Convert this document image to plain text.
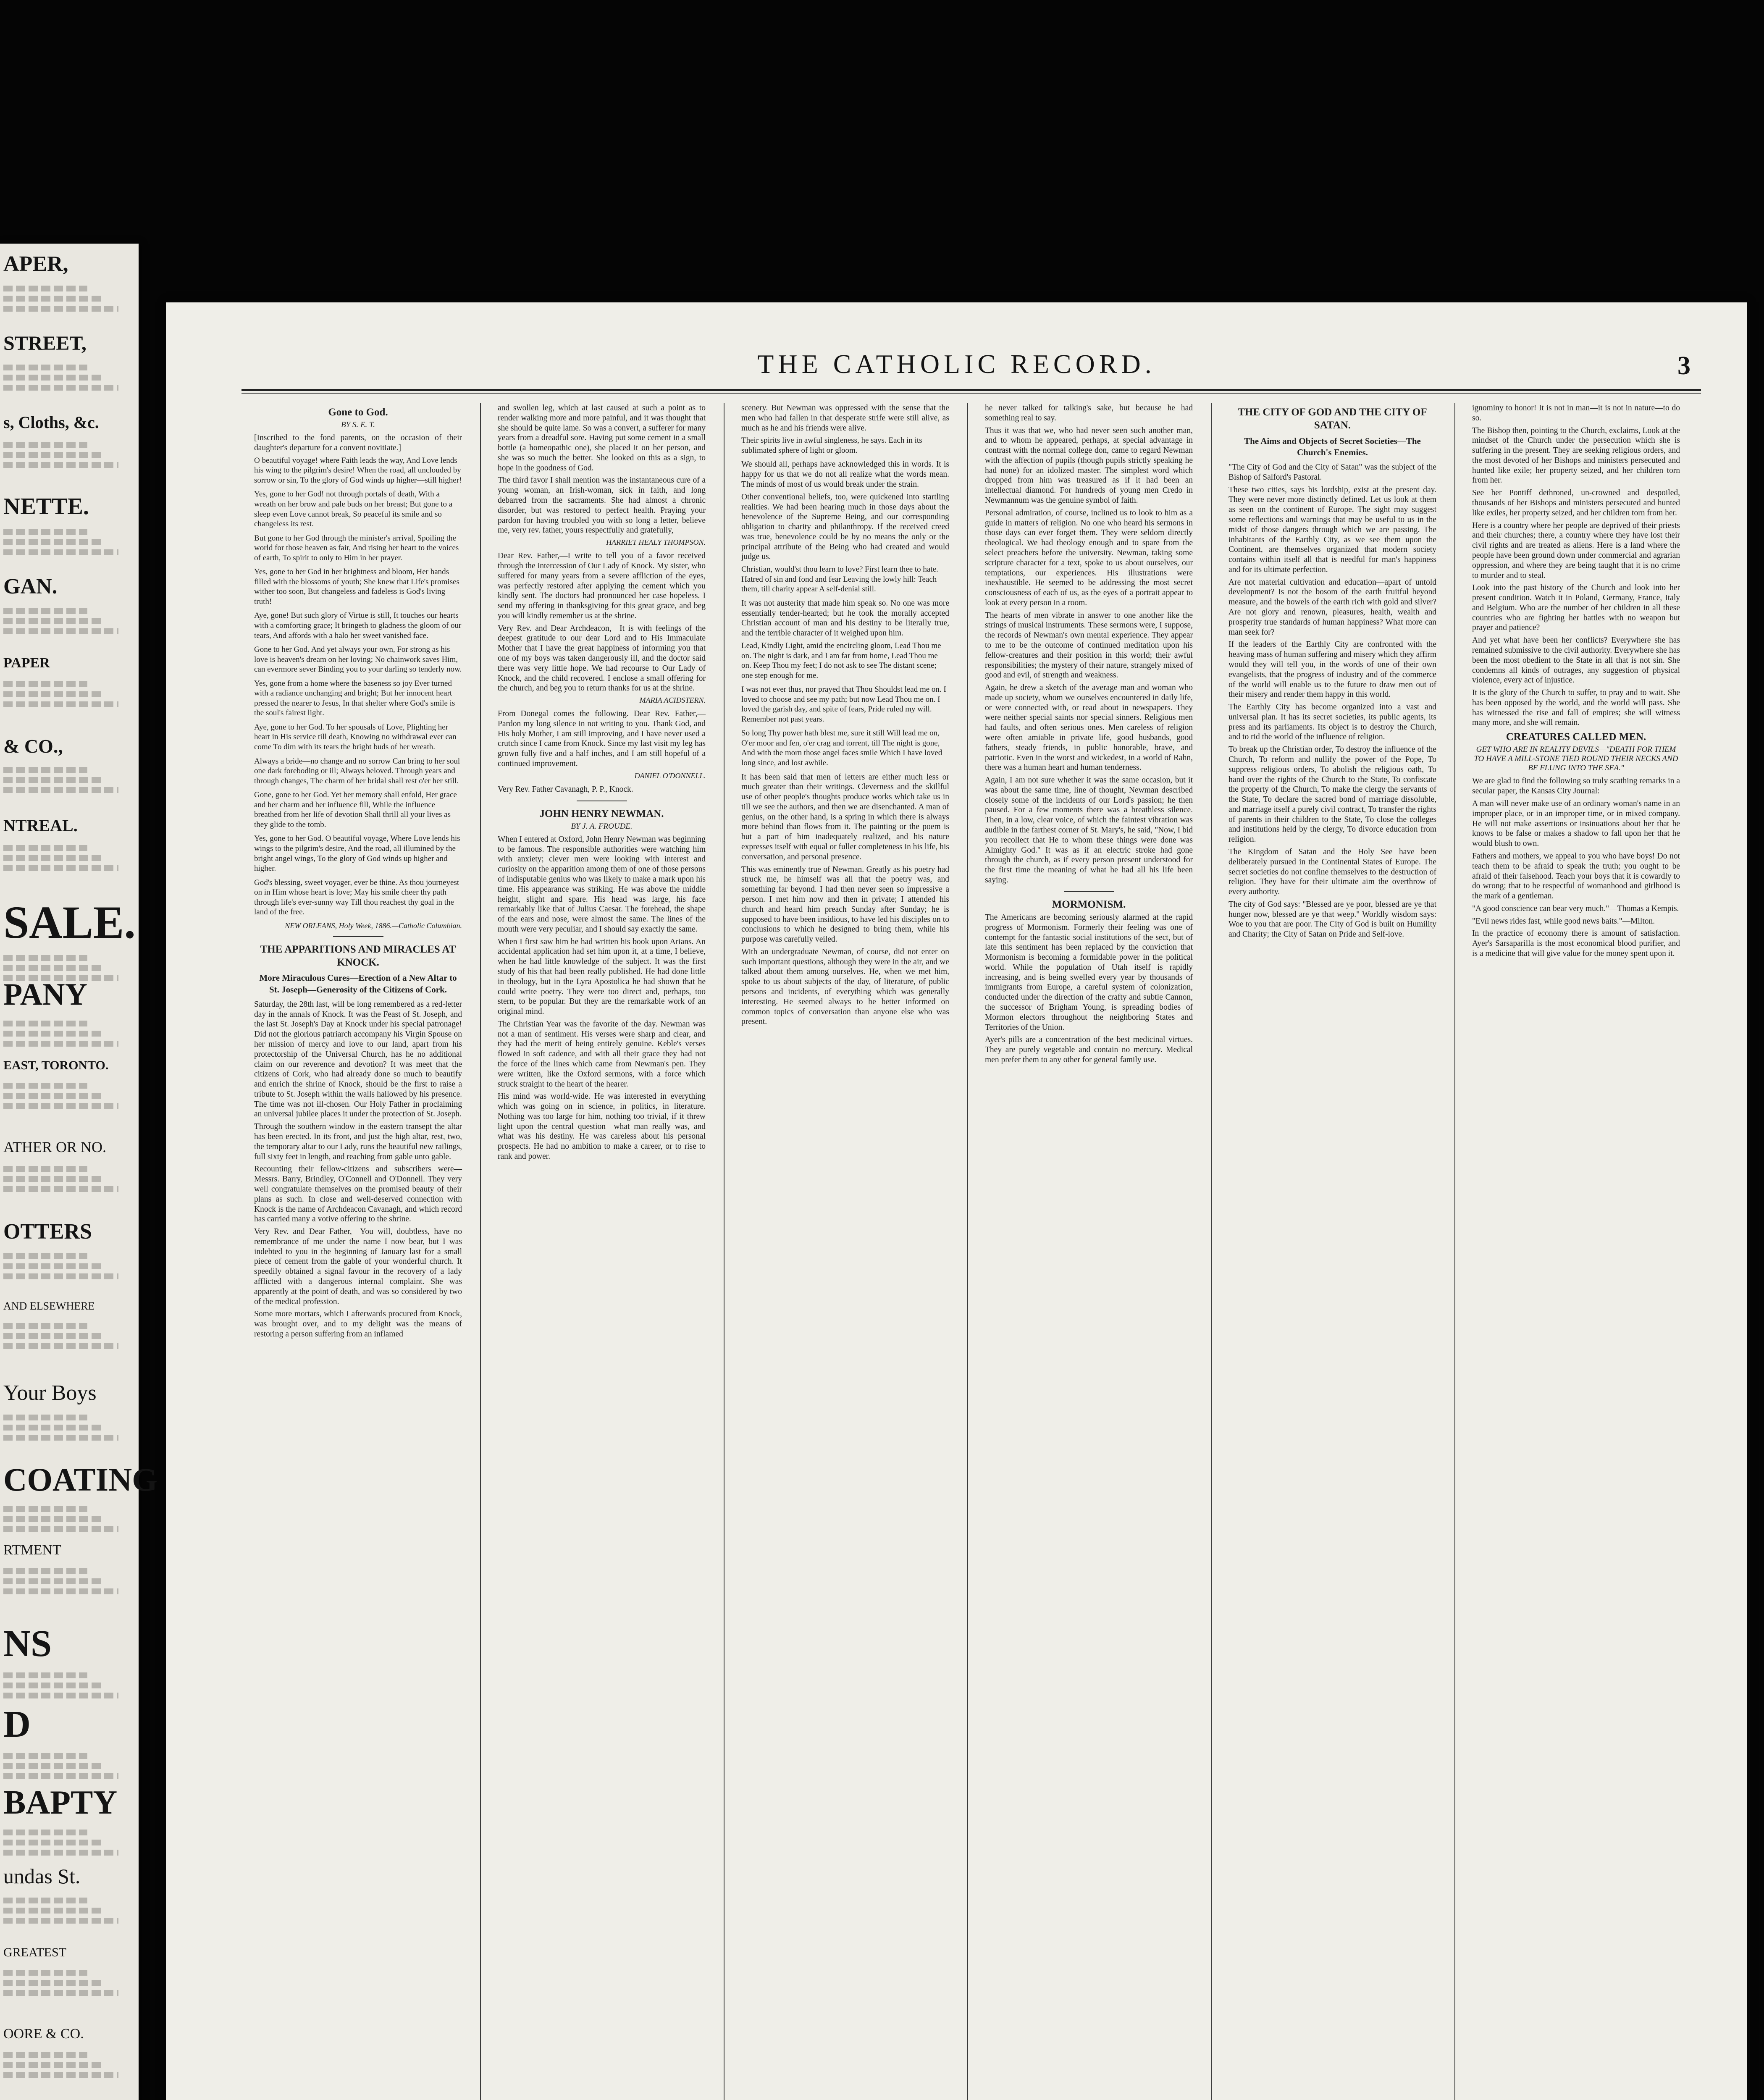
APER,
STREET,
s, Cloths, &c.
NETTE.
GAN.
PAPER
& CO.,
NTREAL.
SALE.
PANY
EAST, TORONTO.
ATHER OR NO.
OTTERS
AND ELSEWHERE
Your Boys
COATING
RTMENT
NS
D
BAPTY
undas St.
GREATEST
OORE & CO.
THE CATHOLIC RECORD.	3
Gone to God.
BY S. E. T.
[Inscribed to the fond parents, on the occasion of their daughter's departure for a convent novitiate.]
O beautiful voyage! where Faith leads the way, And Love lends his wing to the pilgrim's desire! When the road, all unclouded by sorrow or sin, To the glory of God winds up higher—still higher!
Yes, gone to her God! not through portals of death, With a wreath on her brow and pale buds on her breast; But gone to a sleep even Love cannot break, So peaceful its smile and so changeless its rest.
But gone to her God through the minister's arrival, Spoiling the world for those heaven as fair, And rising her heart to the voices of earth, To spirit to only to Him in her prayer.
Yes, gone to her God in her brightness and bloom, Her hands filled with the blossoms of youth; She knew that Life's promises wither too soon, But changeless and fadeless is God's living truth!
Aye, gone! But such glory of Virtue is still, It touches our hearts with a comforting grace; It bringeth to gladness the gloom of our tears, And affords with a halo her sweet vanished face.
Gone to her God. And yet always your own, For strong as his love is heaven's dream on her loving; No chainwork saves Him, can evermore sever Binding you to your darling so tenderly now.
Yes, gone from a home where the baseness so joy Ever turned with a radiance unchanging and bright; But her innocent heart pressed the nearer to Jesus, In that shelter where God's smile is the soul's fairest light.
Aye, gone to her God. To her spousals of Love, Plighting her heart in His service till death, Knowing no withdrawal ever can come To dim with its tears the bright buds of her wreath.
Always a bride—no change and no sorrow Can bring to her soul one dark foreboding or ill; Always beloved. Through years and through changes, The charm of her bridal shall rest o'er her still.
Gone, gone to her God. Yet her memory shall enfold, Her grace and her charm and her influence fill, While the influence breathed from her life of devotion Shall thrill all your lives as they glide to the tomb.
Yes, gone to her God. O beautiful voyage, Where Love lends his wings to the pilgrim's desire, And the road, all illumined by the bright angel wings, To the glory of God winds up higher and higher.
God's blessing, sweet voyager, ever be thine. As thou journeyest on in Him whose heart is love; May his smile cheer thy path through life's ever-sunny way Till thou reachest thy goal in the land of the free.
NEW ORLEANS, Holy Week, 1886.—Catholic Columbian.
THE APPARITIONS AND MIRACLES AT KNOCK.
More Miraculous Cures—Erection of a New Altar to St. Joseph—Generosity of the Citizens of Cork.
Saturday, the 28th last, will be long remembered as a red-letter day in the annals of Knock. It was the Feast of St. Joseph, and the last St. Joseph's Day at Knock under his special patronage! Did not the glorious patriarch accompany his Virgin Spouse on her mission of mercy and love to our land, apart from his protectorship of the Universal Church, has he no additional claim on our reverence and devotion? It was meet that the citizens of Cork, who had already done so much to beautify and enrich the shrine of Knock, should be the first to raise a tribute to St. Joseph within the walls hallowed by his presence. The time was not ill-chosen. Our Holy Father in proclaiming an universal jubilee places it under the protection of St. Joseph.
Through the southern window in the eastern transept the altar has been erected. In its front, and just the high altar, rest, two, the temporary altar to our Lady, runs the beautiful new railings, full sixty feet in length, and reaching from gable unto gable.
Recounting their fellow-citizens and subscribers were—Messrs. Barry, Brindley, O'Connell and O'Donnell. They very well congratulate themselves on the promised beauty of their plans as such. In close and well-deserved connection with Knock is the name of Archdeacon Cavanagh, and which record has carried many a votive offering to the shrine.
Very Rev. and Dear Father,—You will, doubtless, have no remembrance of me under the name I now bear, but I was indebted to you in the beginning of January last for a small piece of cement from the gable of your wonderful church. It speedily obtained a signal favour in the recovery of a lady afflicted with a dangerous internal complaint. She was apparently at the point of death, and was so considered by two of the medical profession.
Some more mortars, which I afterwards procured from Knock, was brought over, and to my delight was the means of restoring a person suffering from an inflamed
and swollen leg, which at last caused at such a point as to render walking more and more painful, and it was thought that she should be quite lame. So was a convert, a sufferer for many years from a dreadful sore. Having put some cement in a small bottle (a homeopathic one), she placed it on her person, and she was so much the better. She looked on this as a sign, to hope in the goodness of God.
The third favor I shall mention was the instantaneous cure of a young woman, an Irish-woman, sick in faith, and long debarred from the sacraments. She had almost a chronic disorder, but was restored to perfect health. Praying your pardon for having troubled you with so long a letter, believe me, very rev. father, yours respectfully and gratefully,
HARRIET HEALY THOMPSON.
Dear Rev. Father,—I write to tell you of a favor received through the intercession of Our Lady of Knock. My sister, who suffered for many years from a severe affliction of the eyes, was perfectly restored after applying the cement which you kindly sent. The doctors had pronounced her case hopeless. I send my offering in thanksgiving for this great grace, and beg you will kindly remember us at the shrine.
Very Rev. and Dear Archdeacon,—It is with feelings of the deepest gratitude to our dear Lord and to His Immaculate Mother that I have the great happiness of informing you that one of my boys was taken dangerously ill, and the doctor said there was very little hope. We had recourse to Our Lady of Knock, and the child recovered. I enclose a small offering for the church, and beg you to return thanks for us at the shrine.
MARIA ACIDSTERN.
From Donegal comes the following. Dear Rev. Father,—Pardon my long silence in not writing to you. Thank God, and His holy Mother, I am still improving, and I have never used a crutch since I came from Knock. Since my last visit my leg has grown fully five and a half inches, and I am still hopeful of a continued improvement.
DANIEL O'DONNELL.
Very Rev. Father Cavanagh, P. P., Knock.
JOHN HENRY NEWMAN.
BY J. A. FROUDE.
When I entered at Oxford, John Henry Newman was beginning to be famous. The responsible authorities were watching him with anxiety; clever men were looking with interest and curiosity on the apparition among them of one of those persons of indisputable genius who was likely to make a mark upon his time. His appearance was striking. He was above the middle height, slight and spare. His head was large, his face remarkably like that of Julius Caesar. The forehead, the shape of the ears and nose, were almost the same. The lines of the mouth were very peculiar, and I should say exactly the same.
When I first saw him he had written his book upon Arians. An accidental application had set him upon it, at a time, I believe, when he had little knowledge of the subject. It was the first study of his that had been really published. He had done little in theology, but in the Lyra Apostolica he had shown that he could write poetry. They were too direct and, perhaps, too stern, to be popular. But they are the remarkable work of an original mind.
The Christian Year was the favorite of the day. Newman was not a man of sentiment. His verses were sharp and clear, and they had the merit of being entirely genuine. Keble's verses flowed in soft cadence, and with all their grace they had not the force of the lines which came from Newman's pen. They were written, like the Oxford sermons, with a force which struck straight to the heart of the hearer.
His mind was world-wide. He was interested in everything which was going on in science, in politics, in literature. Nothing was too large for him, nothing too trivial, if it threw light upon the central question—what man really was, and what was his destiny. He was careless about his personal prospects. He had no ambition to make a career, or to rise to rank and power.
scenery. But Newman was oppressed with the sense that the men who had fallen in that desperate strife were still alive, as much as he and his friends were alive.
Their spirits live in awful singleness, he says. Each in its sublimated sphere of light or gloom.
We should all, perhaps have acknowledged this in words. It is happy for us that we do not all realize what the words mean. The minds of most of us would break under the strain.
Other conventional beliefs, too, were quickened into startling realities. We had been hearing much in those days about the benevolence of the Supreme Being, and our corresponding obligation to charity and philanthropy. If the received creed was true, benevolence could be by no means the only or the principal attribute of the Being who had created and would judge us.
Christian, would'st thou learn to love? First learn thee to hate. Hatred of sin and fond and fear Leaving the lowly hill: Teach them, till charity appear A self-denial still.
It was not austerity that made him speak so. No one was more essentially tender-hearted; but he took the morally accepted Christian account of man and his destiny to be literally true, and the terrible character of it weighed upon him.
Lead, Kindly Light, amid the encircling gloom, Lead Thou me on. The night is dark, and I am far from home, Lead Thou me on. Keep Thou my feet; I do not ask to see The distant scene; one step enough for me.
I was not ever thus, nor prayed that Thou Shouldst lead me on. I loved to choose and see my path; but now Lead Thou me on. I loved the garish day, and spite of fears, Pride ruled my will. Remember not past years.
So long Thy power hath blest me, sure it still Will lead me on, O'er moor and fen, o'er crag and torrent, till The night is gone, And with the morn those angel faces smile Which I have loved long since, and lost awhile.
It has been said that men of letters are either much less or much greater than their writings. Cleverness and the skillful use of other people's thoughts produce works which take us in till we see the authors, and then we are disenchanted. A man of genius, on the other hand, is a spring in which there is always more behind than flows from it. The painting or the poem is but a part of him inadequately realized, and his nature expresses itself with equal or fuller completeness in his life, his conversation, and personal presence.
This was eminently true of Newman. Greatly as his poetry had struck me, he himself was all that the poetry was, and something far beyond. I had then never seen so impressive a person. I met him now and then in private; I attended his church and heard him preach Sunday after Sunday; he is supposed to have been insidious, to have led his disciples on to conclusions to which he designed to bring them, while his purpose was carefully veiled.
With an undergraduate Newman, of course, did not enter on such important questions, although they were in the air, and we talked about them among ourselves. He, when we met him, spoke to us about subjects of the day, of literature, of public persons and incidents, of everything which was generally interesting. He seemed always to be better informed on common topics of conversation than anyone else who was present.
he never talked for talking's sake, but because he had something real to say.
Thus it was that we, who had never seen such another man, and to whom he appeared, perhaps, at special advantage in contrast with the normal college don, came to regard Newman with the affection of pupils (though pupils strictly speaking he had none) for an idolized master. The simplest word which dropped from him was treasured as if it had been an intellectual diamond. For hundreds of young men Credo in Newmannum was the genuine symbol of faith.
Personal admiration, of course, inclined us to look to him as a guide in matters of religion. No one who heard his sermons in those days can ever forget them. They were seldom directly theological. We had theology enough and to spare from the select preachers before the university. Newman, taking some scripture character for a text, spoke to us about ourselves, our temptations, our experiences. His illustrations were inexhaustible. He seemed to be addressing the most secret consciousness of each of us, as the eyes of a portrait appear to look at every person in a room.
The hearts of men vibrate in answer to one another like the strings of musical instruments. These sermons were, I suppose, the records of Newman's own mental experience. They appear to me to be the outcome of continued meditation upon his fellow-creatures and their position in this world; their awful responsibilities; the mystery of their nature, strangely mixed of good and evil, of strength and weakness.
Again, he drew a sketch of the average man and woman who made up society, whom we ourselves encountered in daily life, or were connected with, or read about in newspapers. They were neither special saints nor special sinners. Religious men had faults, and often serious ones. Men careless of religion were often amiable in private life, good husbands, good fathers, steady friends, in public honorable, brave, and patriotic. Even in the worst and wickedest, in a world of Rahn, there was a human heart and human tenderness.
Again, I am not sure whether it was the same occasion, but it was about the same time, line of thought, Newman described closely some of the incidents of our Lord's passion; he then paused. For a few moments there was a breathless silence. Then, in a low, clear voice, of which the faintest vibration was audible in the farthest corner of St. Mary's, he said, "Now, I bid you recollect that He to whom these things were done was Almighty God." It was as if an electric stroke had gone through the church, as if every person present understood for the first time the meaning of what he had all his life been saying.
MORMONISM.
The Americans are becoming seriously alarmed at the rapid progress of Mormonism. Formerly their feeling was one of contempt for the fantastic social institutions of the sect, but of late this sentiment has been replaced by the conviction that Mormonism is becoming a formidable power in the political world. While the population of Utah itself is rapidly increasing, and is being swelled every year by thousands of immigrants from Europe, a careful system of colonization, conducted under the direction of the crafty and subtle Cannon, the successor of Brigham Young, is spreading bodies of Mormon electors throughout the neighboring States and Territories of the Union.
Ayer's pills are a concentration of the best medicinal virtues. They are purely vegetable and contain no mercury. Medical men prefer them to any other for general family use.
THE CITY OF GOD AND THE CITY OF SATAN.
The Aims and Objects of Secret Societies—The Church's Enemies.
"The City of God and the City of Satan" was the subject of the Bishop of Salford's Pastoral.
These two cities, says his lordship, exist at the present day. They were never more distinctly defined. Let us look at them as seen on the continent of Europe. The sight may suggest some reflections and warnings that may be useful to us in the midst of those dangers through which we are passing. The inhabitants of the Earthly City, as we see them upon the Continent, are themselves organized that modern society contains within itself all that is needful for man's happiness and for its ultimate perfection.
Are not material cultivation and education—apart of untold development? Is not the bosom of the earth fruitful beyond measure, and the bowels of the earth rich with gold and silver? Are not glory and renown, pleasures, health, wealth and prosperity true standards of human happiness? What more can man seek for?
If the leaders of the Earthly City are confronted with the heaving mass of human suffering and misery which they affirm would they will tell you, in the words of one of their own evangelists, that the progress of industry and of the commerce of the world will enable us to the future to draw men out of their misery and render them happy in this world.
The Earthly City has become organized into a vast and universal plan. It has its secret societies, its public agents, its press and its parliaments. Its object is to destroy the Church, and to rid the world of the influence of religion.
To break up the Christian order, To destroy the influence of the Church, To reform and nullify the power of the Pope, To suppress religious orders, To abolish the religious oath, To hand over the rights of the Church to the State, To confiscate the property of the Church, To make the clergy the servants of the State, To declare the sacred bond of marriage dissoluble, and marriage itself a purely civil contract, To transfer the rights of parents in their children to the State, To close the colleges and institutions held by the clergy, To divorce education from religion.
The Kingdom of Satan and the Holy See have been deliberately pursued in the Continental States of Europe. The secret societies do not confine themselves to the destruction of religion. They have for their ultimate aim the overthrow of every authority.
The city of God says: "Blessed are ye poor, blessed are ye that hunger now, blessed are ye that weep." Worldly wisdom says: Woe to you that are poor. The City of God is built on Humility and Charity; the City of Satan on Pride and Self-love.
ignominy to honor! It is not in man—it is not in nature—to do so.
The Bishop then, pointing to the Church, exclaims, Look at the mindset of the Church under the persecution which she is suffering in the present. They are seeking religious orders, and the most devoted of her Bishops and ministers persecuted and hunted like exile; her property seized, and her children torn from her.
See her Pontiff dethroned, un-crowned and despoiled, thousands of her Bishops and ministers persecuted and hunted like exiles, her property seized, and her children torn from her.
Here is a country where her people are deprived of their priests and their churches; there, a country where they have lost their civil rights and are treated as aliens. Here is a land where the people have been ground down under commercial and agrarian oppression, and where they are being taught that it is no crime to murder and to steal.
Look into the past history of the Church and look into her present condition. Watch it in Poland, Germany, France, Italy and Belgium. Who are the number of her children in all these countries who are fighting her battles with no weapon but prayer and patience?
And yet what have been her conflicts? Everywhere she has remained submissive to the civil authority. Everywhere she has been the most obedient to the State in all that is not sin. She condemns all kinds of outrages, any suggestion of physical violence, every act of injustice.
It is the glory of the Church to suffer, to pray and to wait. She has been opposed by the world, and the world will pass. She has witnessed the rise and fall of empires; she will witness many more, and she will remain.
CREATURES CALLED MEN.
GET WHO ARE IN REALITY DEVILS—"DEATH FOR THEM TO HAVE A MILL-STONE TIED ROUND THEIR NECKS AND BE FLUNG INTO THE SEA."
We are glad to find the following so truly scathing remarks in a secular paper, the Kansas City Journal:
A man will never make use of an ordinary woman's name in an improper place, or in an improper time, or in mixed company. He will not make assertions or insinuations about her that he knows to be false or makes a shadow to fall upon her that he would blush to own.
Fathers and mothers, we appeal to you who have boys! Do not teach them to be afraid to speak the truth; you ought to be afraid of their falsehood. Teach your boys that it is cowardly to do wrong; that to be respectful of womanhood and girlhood is the mark of a gentleman.
"A good conscience can bear very much."—Thomas a Kempis.
"Evil news rides fast, while good news baits."—Milton.
In the practice of economy there is amount of satisfaction. Ayer's Sarsaparilla is the most economical blood purifier, and is a medicine that will give value for the money spent upon it.
